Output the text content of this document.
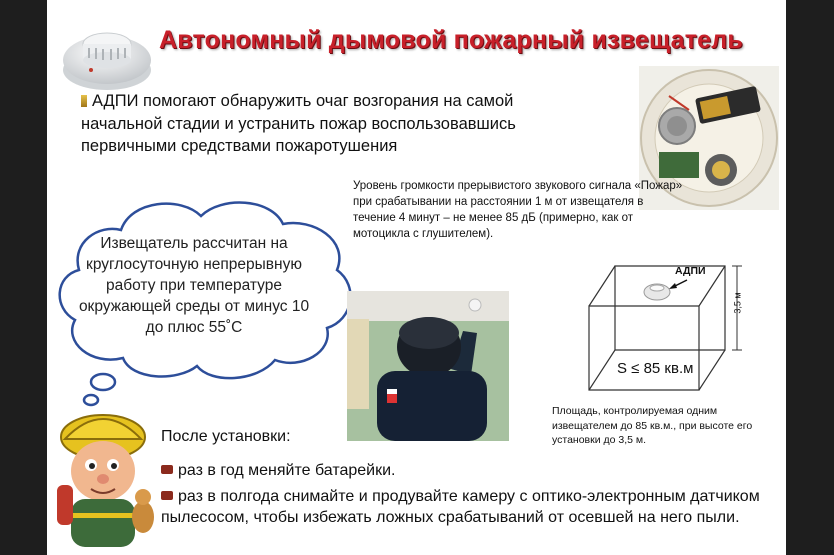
Автономный дымовой пожарный извещатель
АДПИ помогают обнаружить очаг возгорания на самой начальной стадии и устранить пожар воспользовавшись первичными средствами пожаротушения
Уровень громкости прерывистого звукового сигнала «Пожар» при срабатывании на расстоянии 1 м от извещателя в течение 4 минут – не менее 85 дБ (примерно, как от мотоцикла с глушителем).
Извещатель рассчитан на круглосуточную непрерывную работу при температуре окружающей среды от минус 10 до плюс 55˚С
АДПИ
3,5 м
S ≤ 85 кв.м
Площадь, контролируемая одним извещателем до 85 кв.м., при высоте его установки до 3,5 м.
После установки:
раз в год меняйте батарейки.
раз в полгода снимайте и продувайте камеру с оптико-электронным датчиком пылесосом, чтобы избежать ложных срабатываний от осевшей на него пыли.
